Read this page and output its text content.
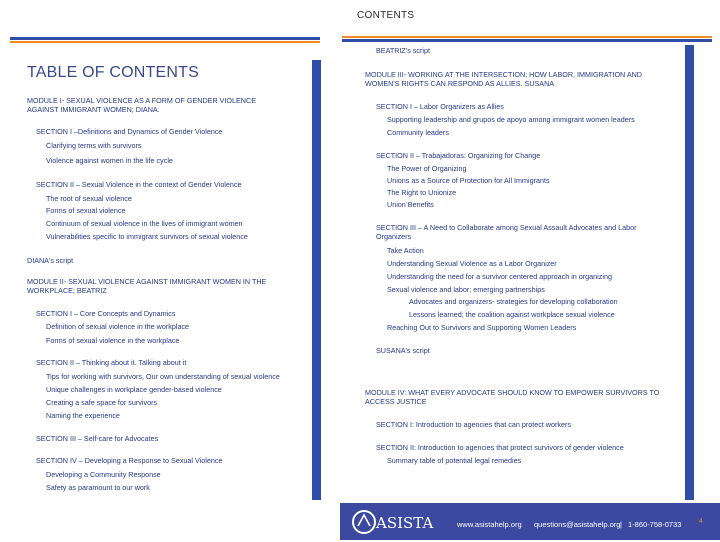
TABLE OF CONTENTS
MODULE I- SEXUAL VIOLENCE AS A FORM OF GENDER VIOLENCE AGAINST IMMIGRANT WOMEN; DIANA.
SECTION I –Definitions and Dynamics of Gender Violence
Clarifying terms with survivors
Violence against women in the life cycle
SECTION II – Sexual Violence in the context of Gender Violence
The root of sexual violence
Forms of sexual violence
Continuum of sexual violence in the lives of immigrant women
Vulnerabilities specific to immigrant survivors of sexual violence
DIANA's script
MODULE II- SEXUAL VIOLENCE AGAINST IMMIGRANT WOMEN IN THE WORKPLACE; BEATRIZ
SECTION I – Core Concepts and Dynamics
Definition of sexual violence in the workplace
Forms of sexual violence in the workplace
SECTION II – Thinking about it. Talking about it
Tips for working with survivors, Our own understanding of sexual violence
Unique challenges in workplace gender-based violence
Creating a safe space for survivors
Naming the experience
SECTION III – Self-care for Advocates
SECTION IV – Developing a Response to Sexual Violence
Developing a Community Response
Safety as paramount to our work
CONTENTS
BEATRIZ's script
MODULE III- WORKING AT THE INTERSECTION; HOW LABOR, IMMIGRATION AND WOMEN'S RIGHTS CAN RESPOND AS ALLIES. SUSANA
SECTION I – Labor Organizers as Allies
Supporting leadership and grupos de apoyo among immigrant women leaders
Community leaders
SECTION II – Trabajadoras: Organizing for Change
The Power of Organizing
Unions as a Source of Protection for All Immigrants
The Right to Unionize
Union Benefits
SECTION III – A Need to Collaborate among Sexual Assault Advocates and Labor Organizers
Take Action
Understanding Sexual Violence as a Labor Organizer
Understanding the need for a survivor centered approach in organizing
Sexual violence and labor; emerging partnerships
Advocates and organizers- strategies for developing collaboration
Lessons learned; the coalition against workplace sexual violence
Reaching Out to Survivors and Supporting Women Leaders
SUSANA's script
MODULE IV: WHAT EVERY ADVOCATE SHOULD KNOW TO EMPOWER SURVIVORS TO ACCESS JUSTICE
SECTION I: Introduction to agencies that can protect workers
SECTION II: Introduction to agencies that protect survivors of gender violence
Summary table of potential legal remedies
ASISTA	www.asistahelp.org questions@asistahelp.org | 1-860-758-0733	4
